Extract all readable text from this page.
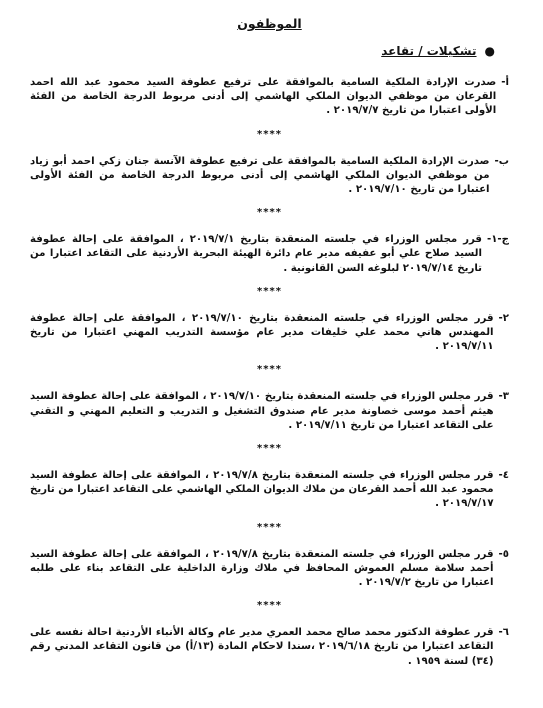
الموظفون
●تشكيلات / تقاعد
أ-
صدرت الإرادة الملكية السامية بالموافقة على ترفيع عطوفة السيد محمود عبد الله احمد القرعان من موظفي الديوان الملكي الهاشمي إلى أدنى مربوط الدرجة الخاصة من الفئة الأولى اعتبارا من تاريخ ٢٠١٩/٧/٧ .
****
ب-
صدرت الإرادة الملكية السامية بالموافقة على ترفيع عطوفة الآنسة جنان زكي احمد أبو زياد من موظفي الديوان الملكي الهاشمي إلى أدنى مربوط الدرجة الخاصة من الفئة الأولى اعتبارا من تاريخ ٢٠١٩/٧/١٠ .
****
ج-١-
قرر مجلس الوزراء في جلسته المنعقدة بتاريخ ٢٠١٩/٧/١ ، الموافقة على إحالة عطوفة السيد صلاح علي أبو عفيفه مدير عام دائرة الهيئة البحرية الأردنية على التقاعد اعتبارا من تاريخ ٢٠١٩/٧/١٤ لبلوغه السن القانونية .
****
٢-
قرر مجلس الوزراء في جلسته المنعقدة بتاريخ ٢٠١٩/٧/١٠ ، الموافقة على إحالة عطوفة المهندس هاني محمد علي خليفات مدير عام مؤسسة التدريب المهني اعتبارا من تاريخ ٢٠١٩/٧/١١ .
****
٣-
قرر مجلس الوزراء في جلسته المنعقدة بتاريخ ٢٠١٩/٧/١٠ ، الموافقة على إحالة عطوفة السيد هيثم أحمد موسى خصاونة مدير عام صندوق التشغيل و التدريب و التعليم المهني و التقني على التقاعد اعتبارا من تاريخ ٢٠١٩/٧/١١ .
****
٤-
قرر مجلس الوزراء في جلسته المنعقدة بتاريخ ٢٠١٩/٧/٨ ، الموافقة على إحالة عطوفة السيد محمود عبد الله أحمد القرعان من ملاك الديوان الملكي الهاشمي على التقاعد اعتبارا من تاريخ ٢٠١٩/٧/١٧ .
****
٥-
قرر مجلس الوزراء في جلسته المنعقدة بتاريخ ٢٠١٩/٧/٨ ، الموافقة على إحالة عطوفة السيد أحمد سلامة مسلم العموش المحافظ في ملاك وزارة الداخلية على التقاعد بناء على طلبه اعتبارا من تاريخ ٢٠١٩/٧/٢ .
****
٦-
قرر عطوفة الدكتور محمد صالح محمد العمري مدير عام وكالة الأنباء الأردنية احالة نفسه على التقاعد اعتبارا من تاريخ ٢٠١٩/٦/١٨ ،سندا لاحكام المادة (١٣/أ) من قانون التقاعد المدني رقم (٣٤) لسنة ١٩٥٩ .
